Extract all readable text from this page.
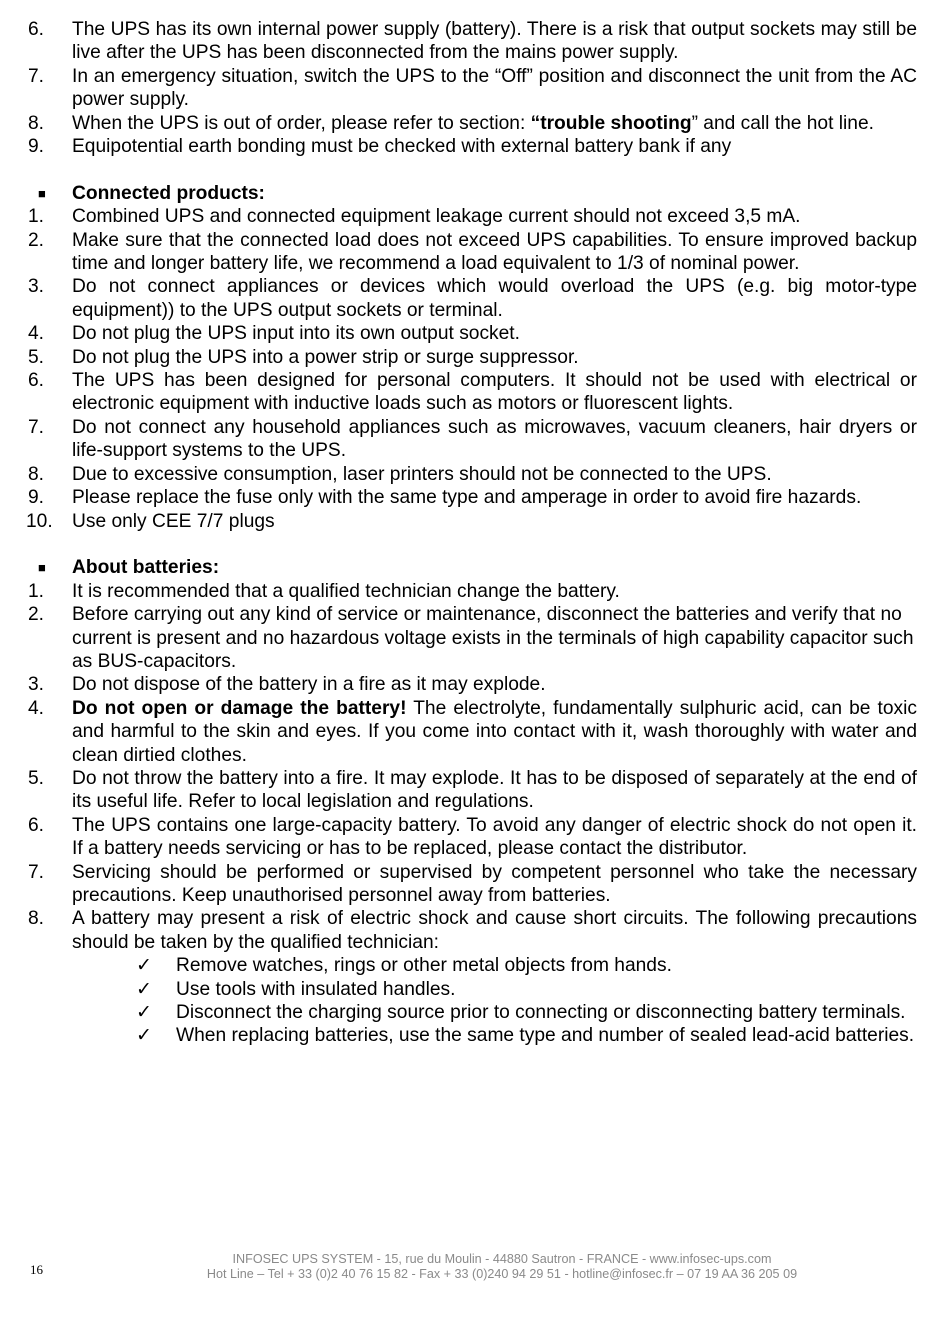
6.	The UPS has its own internal power supply (battery). There is a risk that output sockets may still be live after the UPS has been disconnected from the mains power supply.
7.	In an emergency situation, switch the UPS to the “Off” position and disconnect the unit from the AC power supply.
8.	When the UPS is out of order, please refer to section: “trouble shooting” and call the hot line.
9.	Equipotential earth bonding must be checked with external battery bank if any
■ Connected products:
1.	Combined UPS and connected equipment leakage current should not exceed 3,5 mA.
2.	Make sure that the connected load does not exceed UPS capabilities. To ensure improved backup time and longer battery life, we recommend a load equivalent to 1/3 of nominal power.
3.	Do not connect appliances or devices which would overload the UPS (e.g. big motor-type equipment)) to the UPS output sockets or terminal.
4.	Do not plug the UPS input into its own output socket.
5.	Do not plug the UPS into a power strip or surge suppressor.
6.	The UPS has been designed for personal computers. It should not be used with electrical or electronic equipment with inductive loads such as motors or fluorescent lights.
7.	Do not connect any household appliances such as microwaves, vacuum cleaners, hair dryers or life-support systems to the UPS.
8.	Due to excessive consumption, laser printers should not be connected to the UPS.
9.	Please replace the fuse only with the same type and amperage in order to avoid fire hazards.
10.	Use only CEE 7/7 plugs
■ About batteries:
1.	It is recommended that a qualified technician change the battery.
2.	Before carrying out any kind of service or maintenance, disconnect the batteries and verify that no current is present and no hazardous voltage exists in the terminals of high capability capacitor such as BUS-capacitors.
3.	Do not dispose of the battery in a fire as it may explode.
4.	Do not open or damage the battery! The electrolyte, fundamentally sulphuric acid, can be toxic and harmful to the skin and eyes. If you come into contact with it, wash thoroughly with water and clean dirtied clothes.
5.	Do not throw the battery into a fire. It may explode. It has to be disposed of separately at the end of its useful life. Refer to local legislation and regulations.
6.	The UPS contains one large-capacity battery. To avoid any danger of electric shock do not open it. If a battery needs servicing or has to be replaced, please contact the distributor.
7.	Servicing should be performed or supervised by competent personnel who take the necessary precautions. Keep unauthorised personnel away from batteries.
8.	A battery may present a risk of electric shock and cause short circuits. The following precautions should be taken by the qualified technician:
✓ Remove watches, rings or other metal objects from hands.
✓ Use tools with insulated handles.
✓ Disconnect the charging source prior to connecting or disconnecting battery terminals.
✓ When replacing batteries, use the same type and number of sealed lead-acid batteries.
16
INFOSEC UPS SYSTEM - 15, rue du Moulin - 44880 Sautron - FRANCE - www.infosec-ups.com
Hot Line – Tel + 33 (0)2 40 76 15 82 - Fax + 33 (0)240 94 29 51 - hotline@infosec.fr – 07 19 AA 36 205 09
